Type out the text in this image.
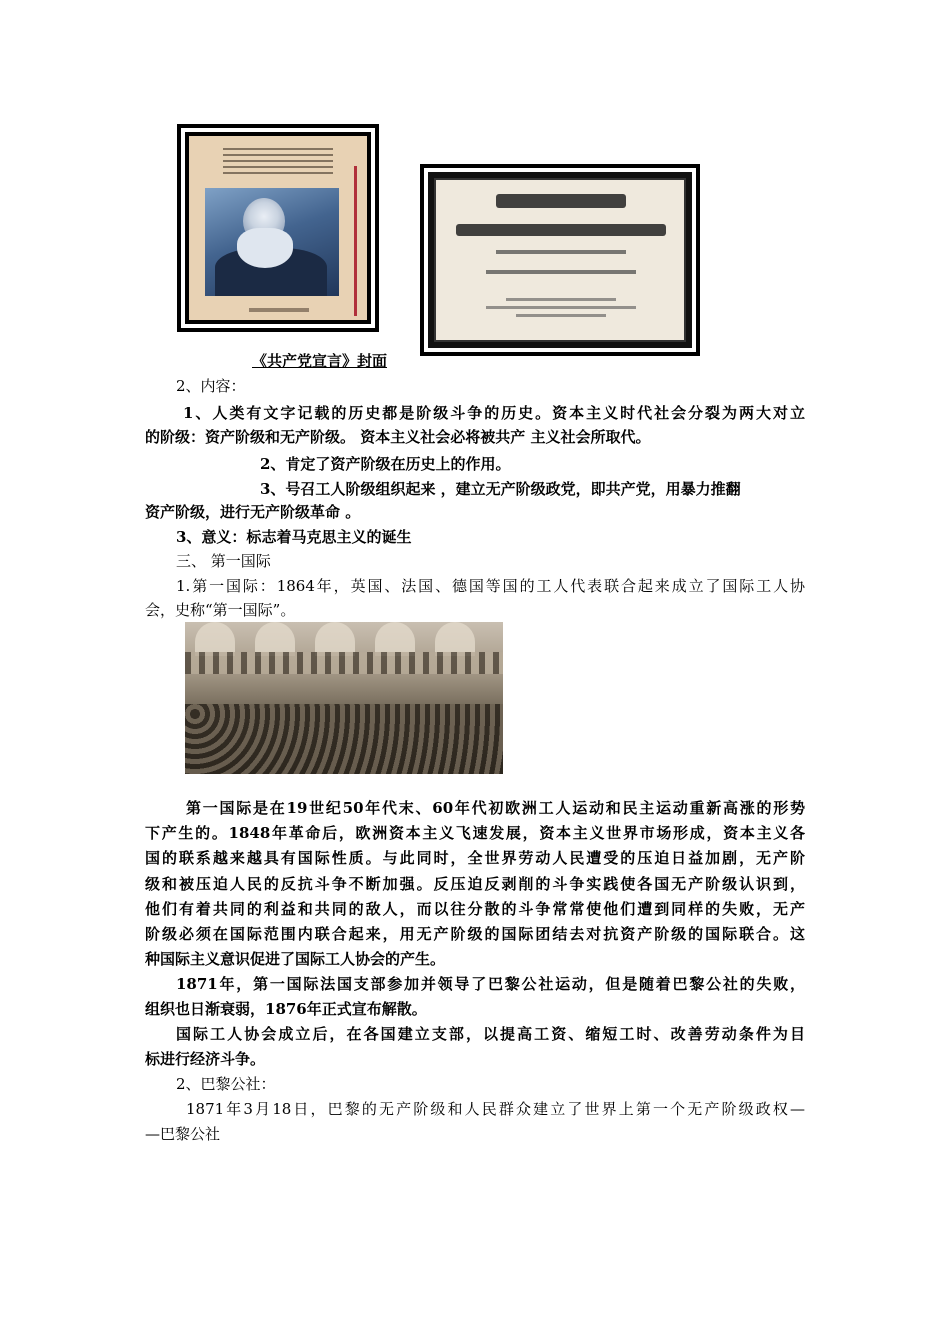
《共产党宣言》封面
2、内容：
1、人类有文字记载的历史都是阶级斗争的历史。资本主义时代社会分裂为两大对立
的阶级：资产阶级和无产阶级。 资本主义社会必将被共产 主义社会所取代。
2、肯定了资产阶级在历史上的作用。
3、号召工人阶级组织起来 ，建立无产阶级政党，即共产党，用暴力推翻
资产阶级，进行无产阶级革命 。
3、意义：标志着马克思主义的诞生
三、 第一国际
1.第一国际：1864年，英国、法国、德国等国的工人代表联合起来成立了国际工人协
会，史称“第一国际”。
第一国际是在19世纪50年代末、60年代初欧洲工人运动和民主运动重新高涨的形势
下产生的。1848年革命后，欧洲资本主义飞速发展，资本主义世界市场形成，资本主义各
国的联系越来越具有国际性质。与此同时，全世界劳动人民遭受的压迫日益加剧，无产阶
级和被压迫人民的反抗斗争不断加强。反压迫反剥削的斗争实践使各国无产阶级认识到，
他们有着共同的利益和共同的敌人，而以往分散的斗争常常使他们遭到同样的失败，无产
阶级必须在国际范围内联合起来，用无产阶级的国际团结去对抗资产阶级的国际联合。这
种国际主义意识促进了国际工人协会的产生。
1871年，第一国际法国支部参加并领导了巴黎公社运动，但是随着巴黎公社的失败，
组织也日渐衰弱，1876年正式宣布解散。
国际工人协会成立后，在各国建立支部，以提高工资、缩短工时、改善劳动条件为目
标进行经济斗争。
2、巴黎公社：
1871年3月18日，巴黎的无产阶级和人民群众建立了世界上第一个无产阶级政权—
—巴黎公社
